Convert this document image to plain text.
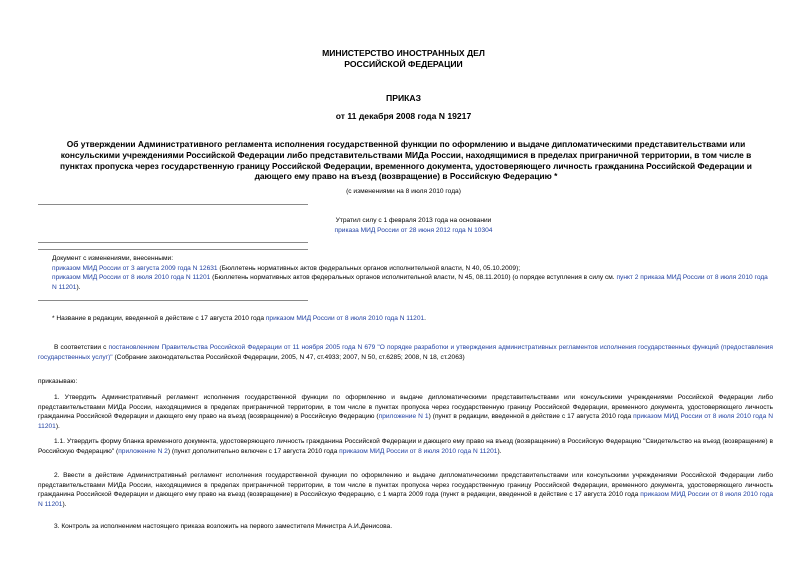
МИНИСТЕРСТВО ИНОСТРАННЫХ ДЕЛ
РОССИЙСКОЙ ФЕДЕРАЦИИ
ПРИКАЗ
от 11 декабря 2008 года N 19217
Об утверждении Административного регламента исполнения государственной функции по оформлению и выдаче дипломатическими представительствами или консульскими учреждениями Российской Федерации либо представительствами МИДа России, находящимися в пределах приграничной территории, в том числе в пунктах пропуска через государственную границу Российской Федерации, временного документа, удостоверяющего личность гражданина Российской Федерации и дающего ему право на въезд (возвращение) в Российскую Федерацию *
(с изменениями на 8 июля 2010 года)
Утратил силу с 1 февраля 2013 года на основании
приказа МИД России от 28 июня 2012 года N 10304
Документ с изменениями, внесенными:
приказом МИД России от 3 августа 2009 года N 12631 (Бюллетень нормативных актов федеральных органов исполнительной власти, N 40, 05.10.2009);
приказом МИД России от 8 июля 2010 года N 11201 (Бюллетень нормативных актов федеральных органов исполнительной власти, N 45, 08.11.2010) (о порядке вступления в силу см. пункт 2 приказа МИД России от 8 июля 2010 года N 11201).
* Название в редакции, введенной в действие с 17 августа 2010 года приказом МИД России от 8 июля 2010 года N 11201.
В соответствии с постановлением Правительства Российской Федерации от 11 ноября 2005 года N 679 "О порядке разработки и утверждения административных регламентов исполнения государственных функций (предоставления государственных услуг)" (Собрание законодательства Российской Федерации, 2005, N 47, ст.4933; 2007, N 50, ст.6285; 2008, N 18, ст.2063)
приказываю:
1. Утвердить Административный регламент исполнения государственной функции по оформлению и выдаче дипломатическими представительствами или консульскими учреждениями Российской Федерации либо представительствами МИДа России, находящимися в пределах приграничной территории, в том числе в пунктах пропуска через государственную границу Российской Федерации, временного документа, удостоверяющего личность гражданина Российской Федерации и дающего ему право на въезд (возвращение) в Российскую Федерацию (приложение N 1) (пункт в редакции, введенной в действие с 17 августа 2010 года приказом МИД России от 8 июля 2010 года N 11201).
1.1. Утвердить форму бланка временного документа, удостоверяющего личность гражданина Российской Федерации и дающего ему право на въезд (возвращение) в Российскую Федерацию "Свидетельство на въезд (возвращение) в Российскую Федерацию" (приложение N 2) (пункт дополнительно включен с 17 августа 2010 года приказом МИД России от 8 июля 2010 года N 11201).
2. Ввести в действие Административный регламент исполнения государственной функции по оформлению и выдаче дипломатическими представительствами или консульскими учреждениями Российской Федерации либо представительствами МИДа России, находящимися в пределах приграничной территории, в том числе в пунктах пропуска через государственную границу Российской Федерации, временного документа, удостоверяющего личность гражданина Российской Федерации и дающего ему право на въезд (возвращение) в Российскую Федерацию, с 1 марта 2009 года (пункт в редакции, введенной в действие с 17 августа 2010 года приказом МИД России от 8 июля 2010 года N 11201).
3. Контроль за исполнением настоящего приказа возложить на первого заместителя Министра А.И.Денисова.
